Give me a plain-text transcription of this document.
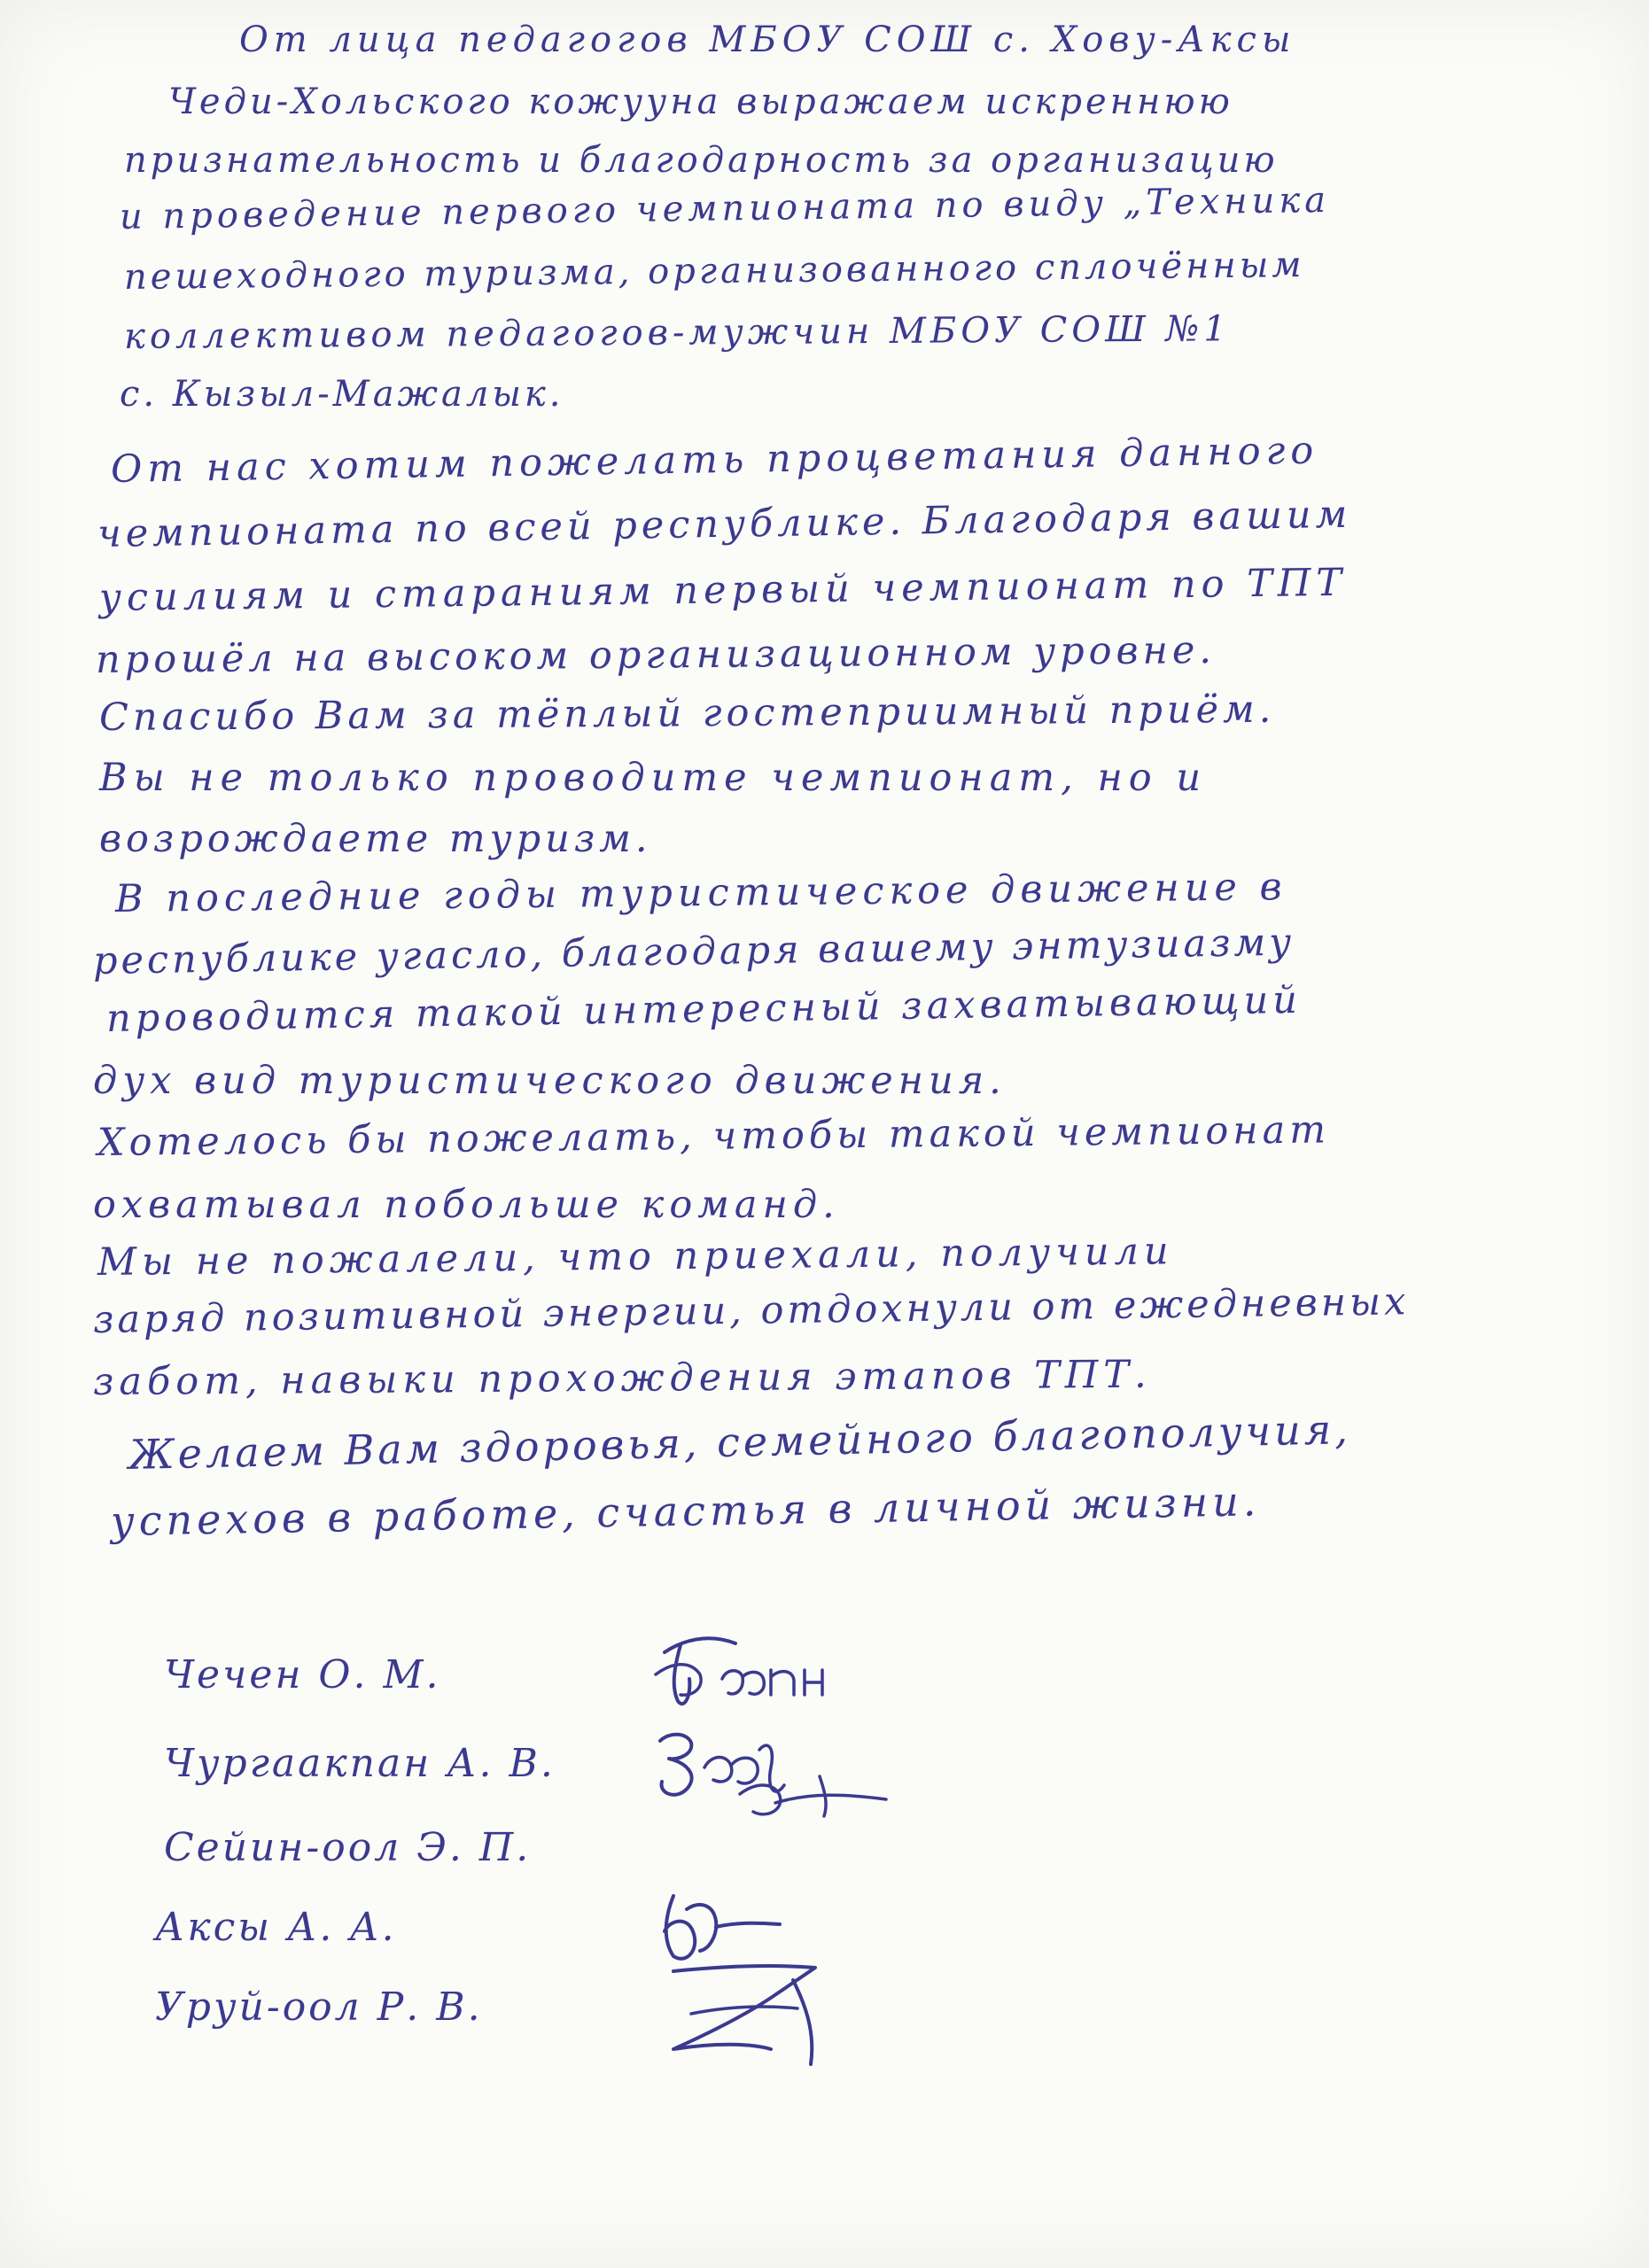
От лица педагогов МБОУ СОШ с. Хову-Аксы

Чеди-Хольского кожууна выражаем искреннюю

признательность и благодарность за организацию

и проведение первого чемпионата по виду „Техника

пешеходного туризма, организованного сплочённым

коллективом педагогов-мужчин МБОУ СОШ №1

с. Кызыл-Мажалык.

От нас хотим пожелать процветания данного

чемпионата по всей республике. Благодаря вашим

усилиям и стараниям первый чемпионат по ТПТ

прошёл на высоком организационном уровне.

Спасибо Вам за тёплый гостеприимный приём.

Вы не только проводите чемпионат, но и

возрождаете туризм.

В последние годы туристическое движение в

республике угасло, благодаря вашему энтузиазму

проводится такой интересный захватывающий

дух вид туристического движения.

Хотелось бы пожелать, чтобы такой чемпионат

охватывал побольше команд.

Мы не пожалели, что приехали, получили

заряд позитивной энергии, отдохнули от ежедневных

забот, навыки прохождения этапов ТПТ.

Желаем Вам здоровья, семейного благополучия,

успехов в работе, счастья в личной жизни.

Чечен О. М.

Чургаакпан А. В.

Сейин-оол Э. П.

Аксы А. А.

Уруй-оол Р. В.
